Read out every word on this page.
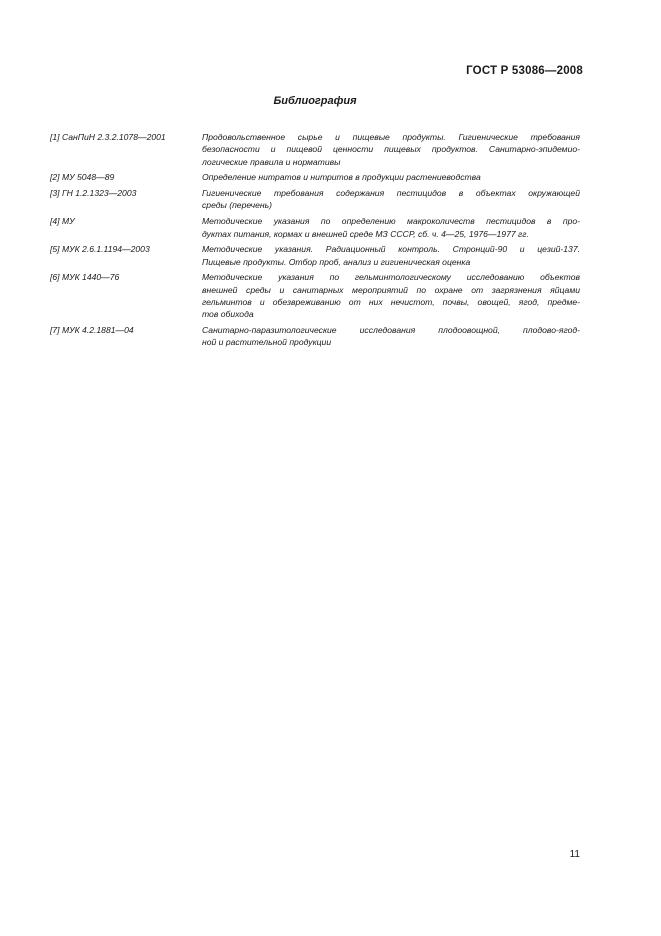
ГОСТ Р 53086—2008
Библиография
[1] СанПиН 2.3.2.1078—2001	Продовольственное сырье и пищевые продукты. Гигиенические требования
безопасности и пищевой ценности пищевых продуктов. Санитарно-эпидемио-
логические правила и нормативы
[2] МУ 5048—89	Определение нитратов и нитритов в продукции растениеводства
[3] ГН 1.2.1323—2003	Гигиенические требования содержания пестицидов в объектах окружающей
среды (перечень)
[4] МУ	Методические указания по определению макроколичеств пестицидов в про-
дуктах питания, кормах и внешней среде МЗ СССР, сб. ч. 4—25, 1976—1977 гг.
[5] МУК 2.6.1.1194—2003	Методические указания. Радиационный контроль. Стронций-90 и цезий-137.
Пищевые продукты. Отбор проб, анализ и гигиеническая оценка
[6] МУК 1440—76	Методические указания по гельминтологическому исследованию объектов
внешней среды и санитарных мероприятий по охране от загрязнения яйцами
гельминтов и обезвреживанию от них нечистот, почвы, овощей, ягод, предме-
тов обихода
[7] МУК 4.2.1881—04	Санитарно-паразитологические исследования плодоовощной, плодово-ягод-
ной и растительной продукции
11
